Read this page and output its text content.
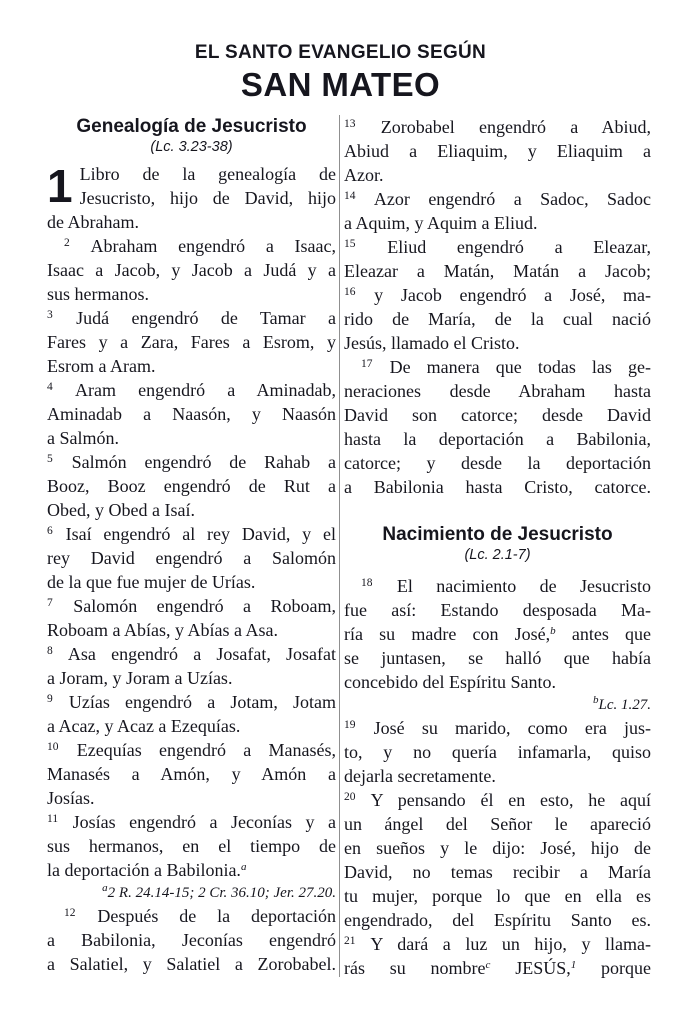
EL SANTO EVANGELIO SEGÚN
SAN MATEO
Genealogía de Jesucristo
(Lc. 3.23-38)
1 Libro de la genealogía de
Jesucristo, hijo de David, hijo
de Abraham.
$^2$ Abraham engendró a Isaac,
Isaac a Jacob, y Jacob a Judá y a
sus hermanos.
$^3$ Judá engendró de Tamar a
Fares y a Zara, Fares a Esrom, y
Esrom a Aram.
$^4$ Aram engendró a Aminadab,
Aminadab a Naasón, y Naasón
a Salmón.
$^5$ Salmón engendró de Rahab a
Booz, Booz engendró de Rut a
Obed, y Obed a Isaí.
$^6$ Isaí engendró al rey David, y el
rey David engendró a Salomón
de la que fue mujer de Urías.
$^7$ Salomón engendró a Roboam,
Roboam a Abías, y Abías a Asa.
$^8$ Asa engendró a Josafat, Josafat
a Joram, y Joram a Uzías.
$^9$ Uzías engendró a Jotam, Jotam
a Acaz, y Acaz a Ezequías.
$^{10}$ Ezequías engendró a Manasés,
Manasés a Amón, y Amón a
Josías.
$^{11}$ Josías engendró a Jeconías y a
sus hermanos, en el tiempo de
la deportación a Babilonia.$^a$
$^a$2 R. 24.14-15; 2 Cr. 36.10; Jer. 27.20.
$^{12}$ Después de la deportación
a Babilonia, Jeconías engendró
a Salatiel, y Salatiel a Zorobabel.
$^{13}$ Zorobabel engendró a Abiud,
Abiud a Eliaquim, y Eliaquim a
Azor.
$^{14}$ Azor engendró a Sadoc, Sadoc
a Aquim, y Aquim a Eliud.
$^{15}$ Eliud engendró a Eleazar,
Eleazar a Matán, Matán a Jacob;
$^{16}$ y Jacob engendró a José, ma-
rido de María, de la cual nació
Jesús, llamado el Cristo.
$^{17}$ De manera que todas las ge-
neraciones desde Abraham hasta
David son catorce; desde David
hasta la deportación a Babilonia,
catorce; y desde la deportación
a Babilonia hasta Cristo, catorce.
Nacimiento de Jesucristo
(Lc. 2.1-7)
$^{18}$ El nacimiento de Jesucristo
fue así: Estando desposada Ma-
ría su madre con José,$^b$ antes que
se juntasen, se halló que había
concebido del Espíritu Santo.
$^b$Lc. 1.27.
$^{19}$ José su marido, como era jus-
to, y no quería infamarla, quiso
dejarla secretamente.
$^{20}$ Y pensando él en esto, he aquí
un ángel del Señor le apareció
en sueños y le dijo: José, hijo de
David, no temas recibir a María
tu mujer, porque lo que en ella es
engendrado, del Espíritu Santo es.
$^{21}$ Y dará a luz un hijo, y llama-
rás su nombre$^c$ JESÚS,$^1$ porque
